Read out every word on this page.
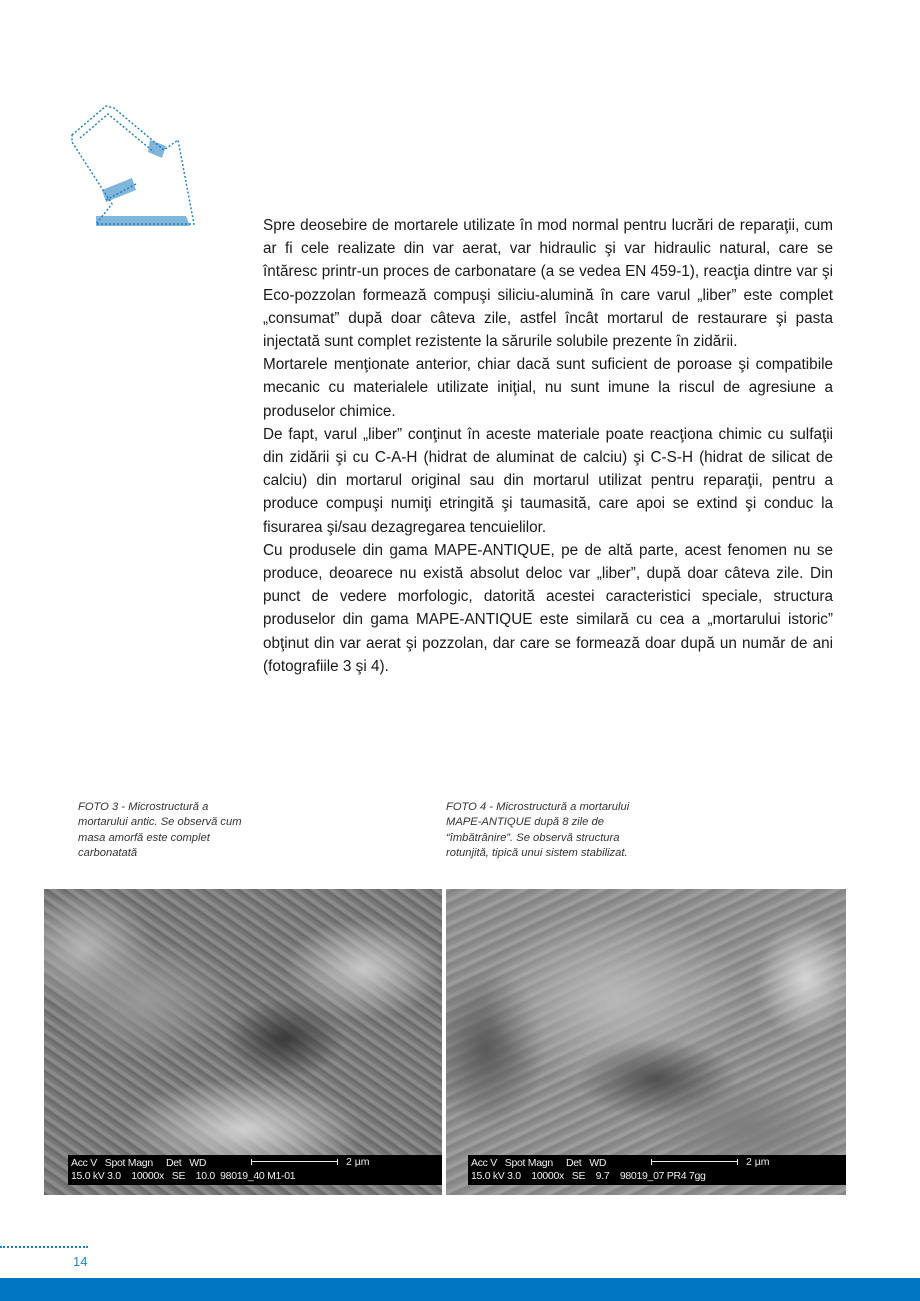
Spre deosebire de mortarele utilizate în mod normal pentru lucrări de reparaţii, cum ar fi cele realizate din var aerat, var hidraulic şi var hidraulic natural, care se întăresc printr-un proces de carbonatare (a se vedea EN 459-1), reacţia dintre var şi Eco-pozzolan formează compuşi siliciu-alumină în care varul „liber” este complet „consumat” după doar câteva zile, astfel încât mortarul de restaurare şi pasta injectată sunt complet rezistente la sărurile solubile prezente în zidării.

Mortarele menţionate anterior, chiar dacă sunt suficient de poroase şi compatibile mecanic cu materialele utilizate iniţial, nu sunt imune la riscul de agresiune a produselor chimice.

De fapt, varul „liber” conţinut în aceste materiale poate reacţiona chimic cu sulfaţii din zidării şi cu C-A-H (hidrat de aluminat de calciu) şi C-S-H (hidrat de silicat de calciu) din mortarul original sau din mortarul utilizat pentru reparaţii, pentru a produce compuşi numiţi etringită şi taumasită, care apoi se extind şi conduc la fisurarea şi/sau dezagregarea tencuielilor.

Cu produsele din gama MAPE-ANTIQUE, pe de altă parte, acest fenomen nu se produce, deoarece nu există absolut deloc var „liber”, după doar câteva zile. Din punct de vedere morfologic, datorită acestei caracteristici speciale, structura produselor din gama MAPE-ANTIQUE este similară cu cea a „mortarului istoric” obţinut din var aerat şi pozzolan, dar care se formează doar după un număr de ani (fotografiile 3 şi 4).

FOTO 3 - Microstructură a mortarului antic. Se observă cum masa amorfă este complet carbonatată
FOTO 4 - Microstructură a mortarului MAPE-ANTIQUE după 8 zile de “îmbătrânire”. Se observă structura rotunjită, tipică unui sistem stabilizat.
Acc V   Spot Magn     Det   WD
15.0 kV 3.0    10000x   SE    10.0  98019_40 M1-01
2 µm	Acc V   Spot Magn     Det   WD
15.0 kV 3.0    10000x   SE    9.7    98019_07 PR4 7gg
2 µm
14
